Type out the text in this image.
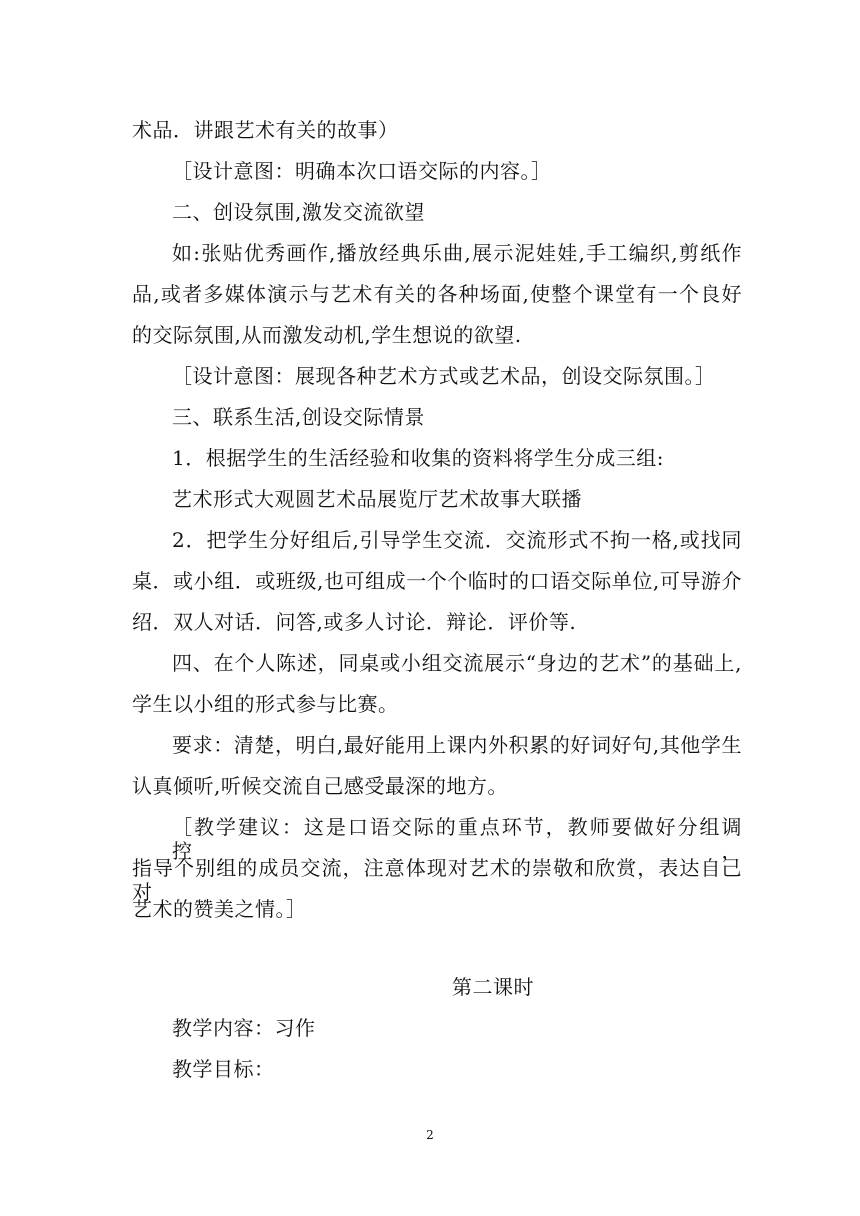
术品．讲跟艺术有关的故事）
［设计意图：明确本次口语交际的内容。］
二、创设氛围,激发交流欲望
如:张贴优秀画作,播放经典乐曲,展示泥娃娃,手工编织,剪纸作
品,或者多媒体演示与艺术有关的各种场面,使整个课堂有一个良好
的交际氛围,从而激发动机,学生想说的欲望.
［设计意图：展现各种艺术方式或艺术品，创设交际氛围。］
三、联系生活,创设交际情景
1．根据学生的生活经验和收集的资料将学生分成三组:
艺术形式大观圆艺术品展览厅艺术故事大联播
2．把学生分好组后,引导学生交流．交流形式不拘一格,或找同
桌．或小组．或班级,也可组成一个个临时的口语交际单位,可导游介
绍．双人对话．问答,或多人讨论．辩论．评价等.
四、在个人陈述，同桌或小组交流展示“身边的艺术”的基础上,
学生以小组的形式参与比赛。
要求：清楚，明白,最好能用上课内外积累的好词好句,其他学生
认真倾听,听候交流自己感受最深的地方。
［教学建议：这是口语交际的重点环节，教师要做好分组调控，
指导个别组的成员交流，注意体现对艺术的崇敬和欣赏，表达自己对
艺术的赞美之情。］
第二课时
教学内容：习作
教学目标：
2
